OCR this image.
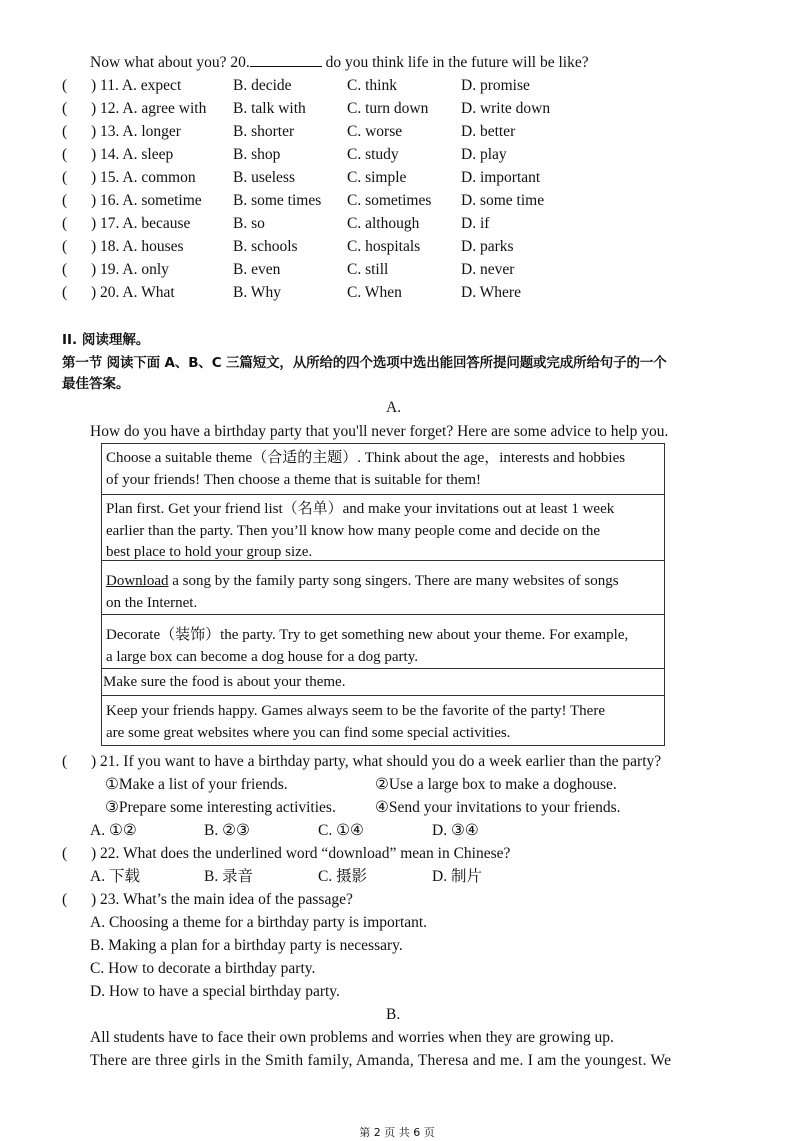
Now what about you? 20.	do you think life in the future will be like?
( ) 11. A. expect	B. decide	C. think	D. promise
( ) 12. A. agree with B. talk with	C. turn down D. write down
( ) 13. A. longer	B. shorter	C. worse	D. better
( ) 14. A. sleep	B. shop	C. study	D. play
( ) 15. A. common B. useless	C. simple	D. important
( ) 16. A. sometime B. some times C. sometimes D. some time
( ) 17. A. because	B. so	C. although	D. if
( ) 18. A. houses	B. schools	C. hospitals	D. parks
( ) 19. A. only	B. even	C. still	D. never
( ) 20. A. What	B. Why	C. When	D. Where
II. 阅读理解。
第一节 阅读下面 A、B、C 三篇短文，从所给的四个选项中选出能回答所提问题或完成所给句子的一个
最佳答案。
A.
How do you have a birthday party that you'll never forget? Here are some advice to help you.

Choose a suitable theme（合适的主题）. Think about the age，interests and hobbies

of your friends! Then choose a theme that is suitable for them!

Plan first. Get your friend list（名单）and make your invitations out at least 1 week

earlier than the party. Then you’ll know how many people come and decide on the

best place to hold your group size.

Download a song by the family party song singers. There are many websites of songs

on the Internet.

Decorate（装饰）the party. Try to get something new about your theme. For example,

a large box can become a dog house for a dog party.

Make sure the food is about your theme.

Keep your friends happy. Games always seem to be the favorite of the party! There

are some great websites where you can find some special activities.

( ) 21. If you want to have a birthday party, what should you do a week earlier than the party?
①Make a list of your friends.	②Use a large box to make a doghouse.
③Prepare some interesting activities.	④Send your invitations to your friends.
A. ①②	B. ②③	C. ①④	D. ③④
( ) 22. What does the underlined word “download” mean in Chinese?
A. 下载	B. 录音	C. 摄影	D. 制片
( ) 23. What’s the main idea of the passage?
A. Choosing a theme for a birthday party is important.
B. Making a plan for a birthday party is necessary.
C. How to decorate a birthday party.
D. How to have a special birthday party.
B.
All students have to face their own problems and worries when they are growing up.
There are three girls in the Smith family, Amanda, Theresa and me. I am the youngest. We
第 2 页 共 6 页
